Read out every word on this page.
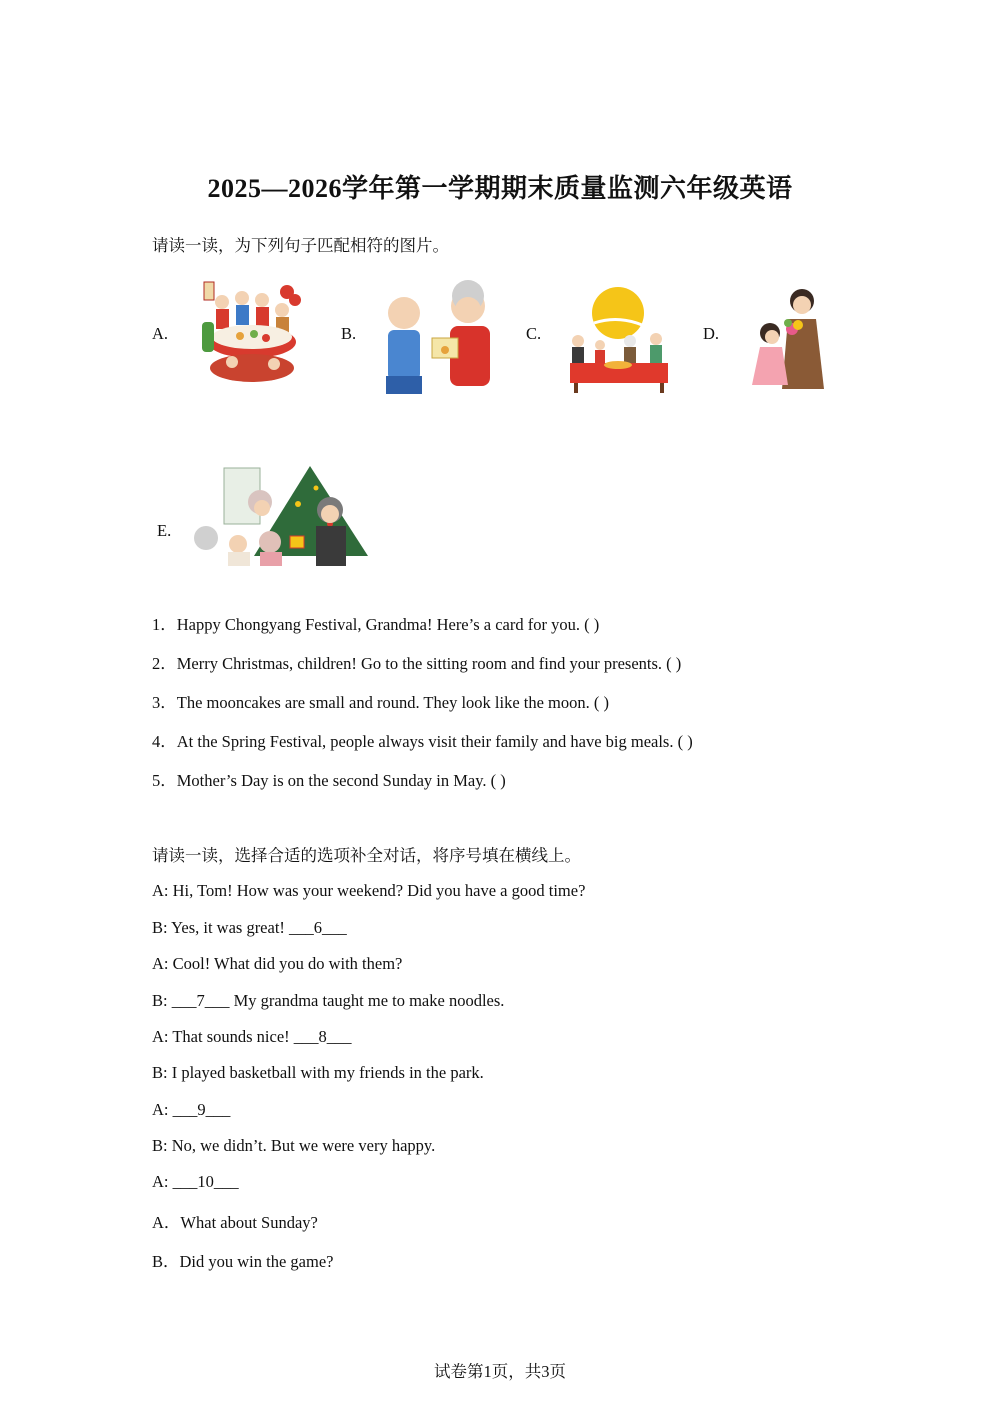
2025—2026学年第一学期期末质量监测六年级英语
请读一读，为下列句子匹配相符的图片。
A.	B.	C.	D.
E.
1．Happy Chongyang Festival, Grandma! Here’s a card for you. ( )
2．Merry Christmas, children! Go to the sitting room and find your presents. ( )
3．The mooncakes are small and round. They look like the moon. ( )
4．At the Spring Festival, people always visit their family and have big meals. ( )
5．Mother’s Day is on the second Sunday in May. ( )
请读一读，选择合适的选项补全对话，将序号填在横线上。
A: Hi, Tom! How was your weekend? Did you have a good time?
B: Yes, it was great! ___6___
A: Cool! What did you do with them?
B: ___7___ My grandma taught me to make noodles.
A: That sounds nice! ___8___
B: I played basketball with my friends in the park.
A: ___9___
B: No, we didn’t. But we were very happy.
A: ___10___
A．What about Sunday?
B．Did you win the game?
试卷第1页，共3页
